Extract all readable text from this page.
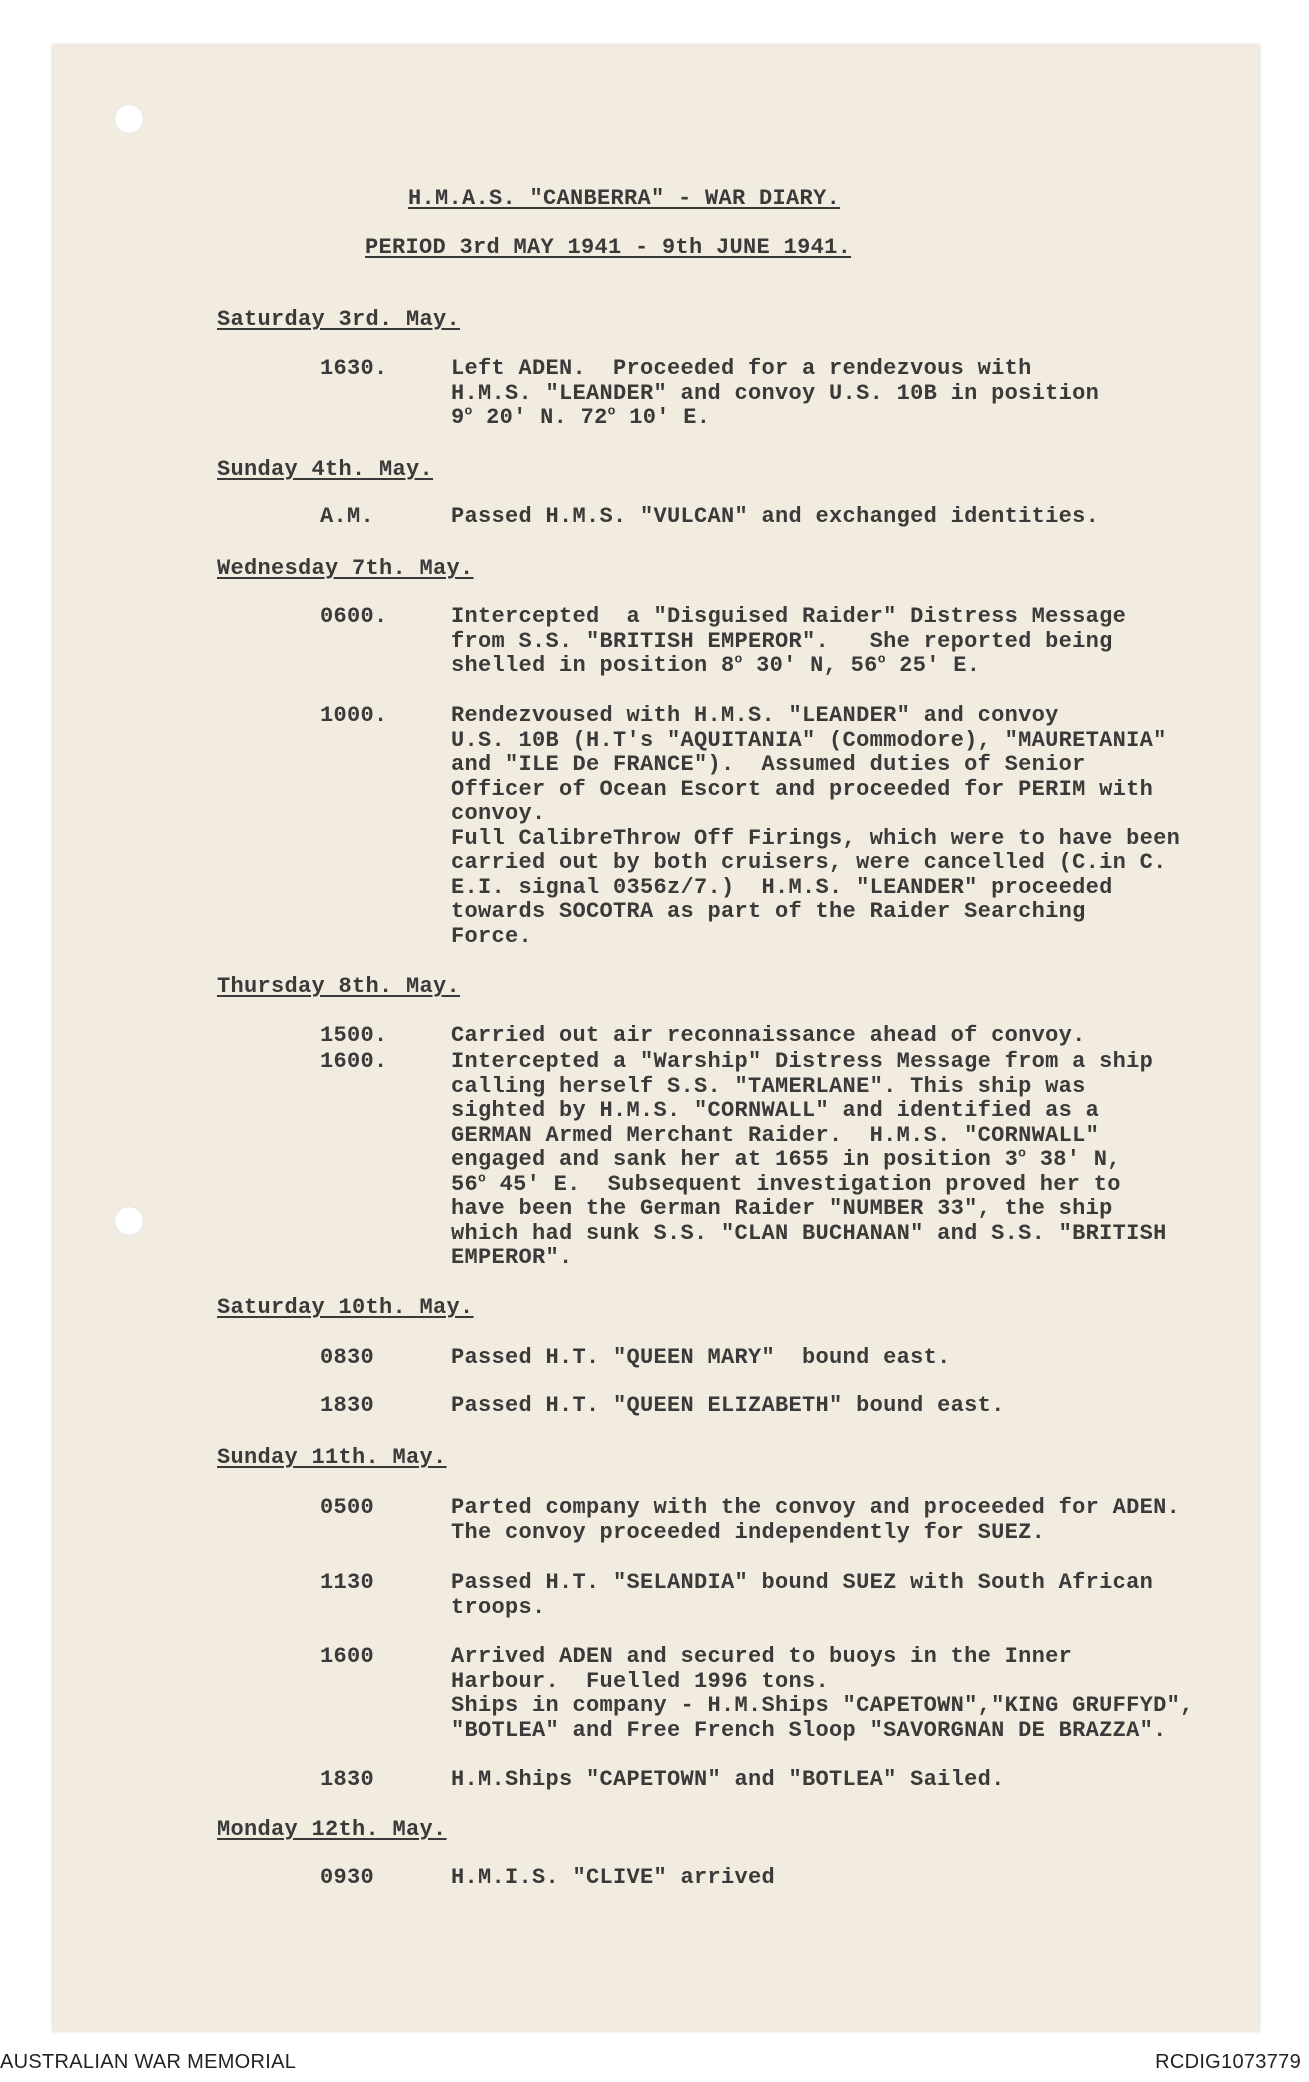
H.M.A.S. "CANBERRA" - WAR DIARY.
PERIOD 3rd MAY 1941 - 9th JUNE 1941.
Saturday 3rd. May.
1630.	Left ADEN.  Proceeded for a rendezvous with
H.M.S. "LEANDER" and convoy U.S. 10B in position
9$^o$ 20' N. 72$^o$ 10' E.
Sunday 4th. May.
A.M.	Passed H.M.S. "VULCAN" and exchanged identities.
Wednesday 7th. May.
0600.	Intercepted  a "Disguised Raider" Distress Message
from S.S. "BRITISH EMPEROR".   She reported being
shelled in position 8$^o$ 30' N, 56$^o$ 25' E.
1000.	Rendezvoused with H.M.S. "LEANDER" and convoy
U.S. 10B (H.T's "AQUITANIA" (Commodore), "MAURETANIA"
and "ILE De FRANCE").  Assumed duties of Senior
Officer of Ocean Escort and proceeded for PERIM with
convoy.
Full CalibreThrow Off Firings, which were to have been
carried out by both cruisers, were cancelled (C.in C.
E.I. signal 0356z/7.)  H.M.S. "LEANDER" proceeded
towards SOCOTRA as part of the Raider Searching
Force.
Thursday 8th. May.
1500.	Carried out air reconnaissance ahead of convoy.
1600.	Intercepted a "Warship" Distress Message from a ship
calling herself S.S. "TAMERLANE". This ship was
sighted by H.M.S. "CORNWALL" and identified as a
GERMAN Armed Merchant Raider.  H.M.S. "CORNWALL"
engaged and sank her at 1655 in position 3$^o$ 38' N,
56$^o$ 45' E.  Subsequent investigation proved her to
have been the German Raider "NUMBER 33", the ship
which had sunk S.S. "CLAN BUCHANAN" and S.S. "BRITISH
EMPEROR".
Saturday 10th. May.
0830	Passed H.T. "QUEEN MARY"  bound east.
1830	Passed H.T. "QUEEN ELIZABETH" bound east.
Sunday 11th. May.
0500	Parted company with the convoy and proceeded for ADEN.
The convoy proceeded independently for SUEZ.
1130	Passed H.T. "SELANDIA" bound SUEZ with South African
troops.
1600	Arrived ADEN and secured to buoys in the Inner
Harbour.  Fuelled 1996 tons.
Ships in company - H.M.Ships "CAPETOWN","KING GRUFFYD",
"BOTLEA" and Free French Sloop "SAVORGNAN DE BRAZZA".
1830	H.M.Ships "CAPETOWN" and "BOTLEA" Sailed.
Monday 12th. May.
0930	H.M.I.S. "CLIVE" arrived
AUSTRALIAN WAR MEMORIAL	RCDIG1073779
